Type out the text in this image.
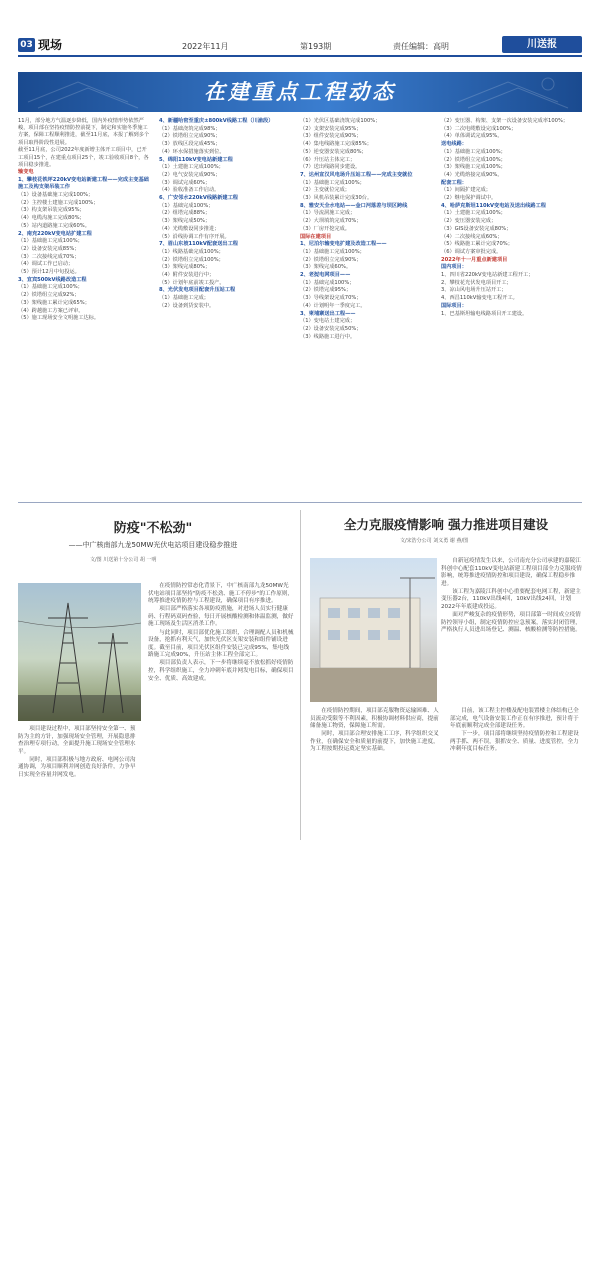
03 现场	2022年11月	第193期	责任编辑：高明	川送报
在建重点工程动态

11月，部分地方气温逐步降低，国内外疫情形势依然严峻，项目部在坚持疫情防控前提下，制定和实施冬季施工方案，保障工程顺利推进，截至11月底，本报了解到多个项目取得阶段性进展。

截至11月底，公司2022年度新增主体开工项目中，已开工项目15个，在建重点项目25个，竣工验收项目8个，各项目稳步推进。

输变电

1、攀枝花铁坪220kV变电站新建工程——完成主变基础施工及构支架吊装工作

（1）设备基础施工完成100%；

（2）主控楼土建施工完成100%；

（3）构支架吊装完成95%；

（4）电缆沟施工完成80%；

（5）站内道路施工完成60%。

2、南充220kV变电站扩建工程

（1）基础施工完成100%；

（2）设备安装完成85%；

（3）二次接线完成70%；

（4）调试工作已启动；

（5）预计12月中旬投运。

3、宜宾500kV线路改造工程

（1）基础施工完成100%；

（2）铁塔组立完成92%；

（3）架线施工累计完成65%；

（4）跨越施工方案已评审。

（5）施工现场安全文明施工达标。

4、新疆哈密至重庆±800kV线路工程（川渝段）

（1）基础浇筑完成98%；

（2）铁塔组立完成90%；

（3）放线区段完成45%；

（4）环水保措施落实到位。

5、绵阳110kV变电站新建工程

（1）土建施工完成100%；

（2）电气安装完成90%；

（3）调试完成60%；

（4）验收准备工作启动。

6、广安邻水220kV线路新建工程

（1）基础完成100%；

（2）组塔完成88%；

（3）架线完成50%；

（4）光缆敷设同步推进；

（5）沿线协调工作有序开展。

7、眉山东坡110kV配套送出工程

（1）线路基础完成100%；

（2）铁塔组立完成100%；

（3）架线完成80%；

（4）附件安装进行中；

（5）计划年底前竣工投产。

8、光伏发电项目配套升压站工程

（1）基础施工完成；

（2）设备到货安装中。

（1）光伏区基础浇筑完成100%；

（2）支架安装完成95%；

（3）组件安装完成90%；

（4）集电线路施工完成85%；

（5）逆变器安装完成80%；

（6）升压站主体完工；

（7）送出线路同步建设。

7、达州宣汉风电场升压站工程——完成主变就位

（1）基础施工完成100%；

（2）主变就位完成；

（3）风机吊装累计完成30台。

8、雅安天全水电站——金口河落差与坝区跨线

（1）导流洞施工完成；

（2）大坝填筑完成70%；

（3）厂房开挖完成。

国际在建项目

1、尼泊尔输变电扩建及改造工程——

（1）基础施工完成100%；

（2）铁塔组立完成90%；

（3）架线完成60%。

2、老挝电网项目——

（1）基础完成100%；

（2）铁塔完成95%；

（3）导线架设完成70%；

（4）计划明年一季度完工。

3、柬埔寨送出工程——

（1）变电站土建完成；

（2）设备安装完成50%；

（3）线路施工进行中。

（2）变压器、构架、支架一次设备安装完成率100%；

（3）二次电缆敷设完成100%；

（4）单体调试完成95%。

送电线路：

（1）基础施工完成100%；

（2）铁塔组立完成100%；

（3）架线施工完成100%；

（4）光缆熔接完成90%。

配套工程：

（1）间隔扩建完成；

（2）继电保护调试中。

4、哈萨克斯坦110kV变电站及送出线路工程

（1）土建施工完成100%；

（2）变压器安装完成；

（3）GIS设备安装完成80%；

（4）二次接线完成60%；

（5）线路施工累计完成70%；

（6）调试方案审批完成。

2022年十一月重点新建项目

国内项目：

1、四川省220kV变电站新建工程开工；

2、攀枝花光伏发电项目开工；

3、凉山风电场升压站开工；

4、西昌110kV输变电工程开工。

国际项目：

1、巴基斯坦输电线路项目开工建设。

防疫"不松劲"
——中广核南部九龙50MW光伏电站项目建设稳步推进
文/图 川送第十分公司 胡 一明
南部九龙50MW光伏电站施工现场

在疫情防控常态化背景下，中广核南部九龙50MW光伏电站项目部坚持"防疫不松劲、施工不停步"的工作原则，统筹推进疫情防控与工程建设，确保项目有序推进。

项目部严格落实各项防疫措施，对进场人员实行健康码、行程码双码查验，每日开展核酸检测和体温监测，做好施工现场及生活区消杀工作。

与此同时，项目部优化施工组织，合理调配人员和机械设备，抢抓有利天气，加快光伏区支架安装和组件铺设进度。截至目前，项目光伏区组件安装已完成95%，集电线路施工完成90%，升压站主体工程全部完工。

项目部负责人表示，下一步将继续毫不放松抓好疫情防控，科学组织施工，全力冲刺年底并网发电目标，确保项目安全、优质、高效建成。

项目建设过程中，项目部坚持安全第一、预防为主的方针，加强现场安全管理，开展隐患排查治理专项行动，全面提升施工现场安全管理水平。

同时，项目部积极与地方政府、电网公司沟通协调，为项目顺利并网创造良好条件，力争早日实现全容量并网发电。

全力克服疫情影响 强力推进项目建设
文/宋浩分公司 刘义勇 谢 燕/图

自新冠疫情发生以来，公司南充分公司承建的嘉陵江科创中心配套110kV变电站新建工程项目部全力克服疫情影响，统筹推进疫情防控和项目建设，确保工程稳步推进。

该工程为嘉陵江科创中心重要配套电网工程，新建主变压器2台，110kV出线4回，10kV出线24回，计划2022年年底建成投运。

面对严峻复杂的疫情形势，项目部第一时间成立疫情防控领导小组，制定疫情防控应急预案，落实封闭管理，严格执行人员进出场登记、测温、核酸检测等防控措施。

在疫情防控期间，项目部克服物资运输困难、人员流动受限等不利因素，积极协调材料供应商，提前储备施工物资，保障施工所需。

同时，项目部合理安排施工工序，科学组织交叉作业，在确保安全和质量的前提下，加快施工进度，为工程按期投运奠定坚实基础。

目前，该工程主控楼及配电装置楼主体结构已全部完成，电气设备安装工作正在有序推进，预计将于年底前顺利完成全部建设任务。

下一步，项目部将继续坚持疫情防控和工程建设两手抓、两不误，狠抓安全、质量、进度管控，全力冲刺年度目标任务。
